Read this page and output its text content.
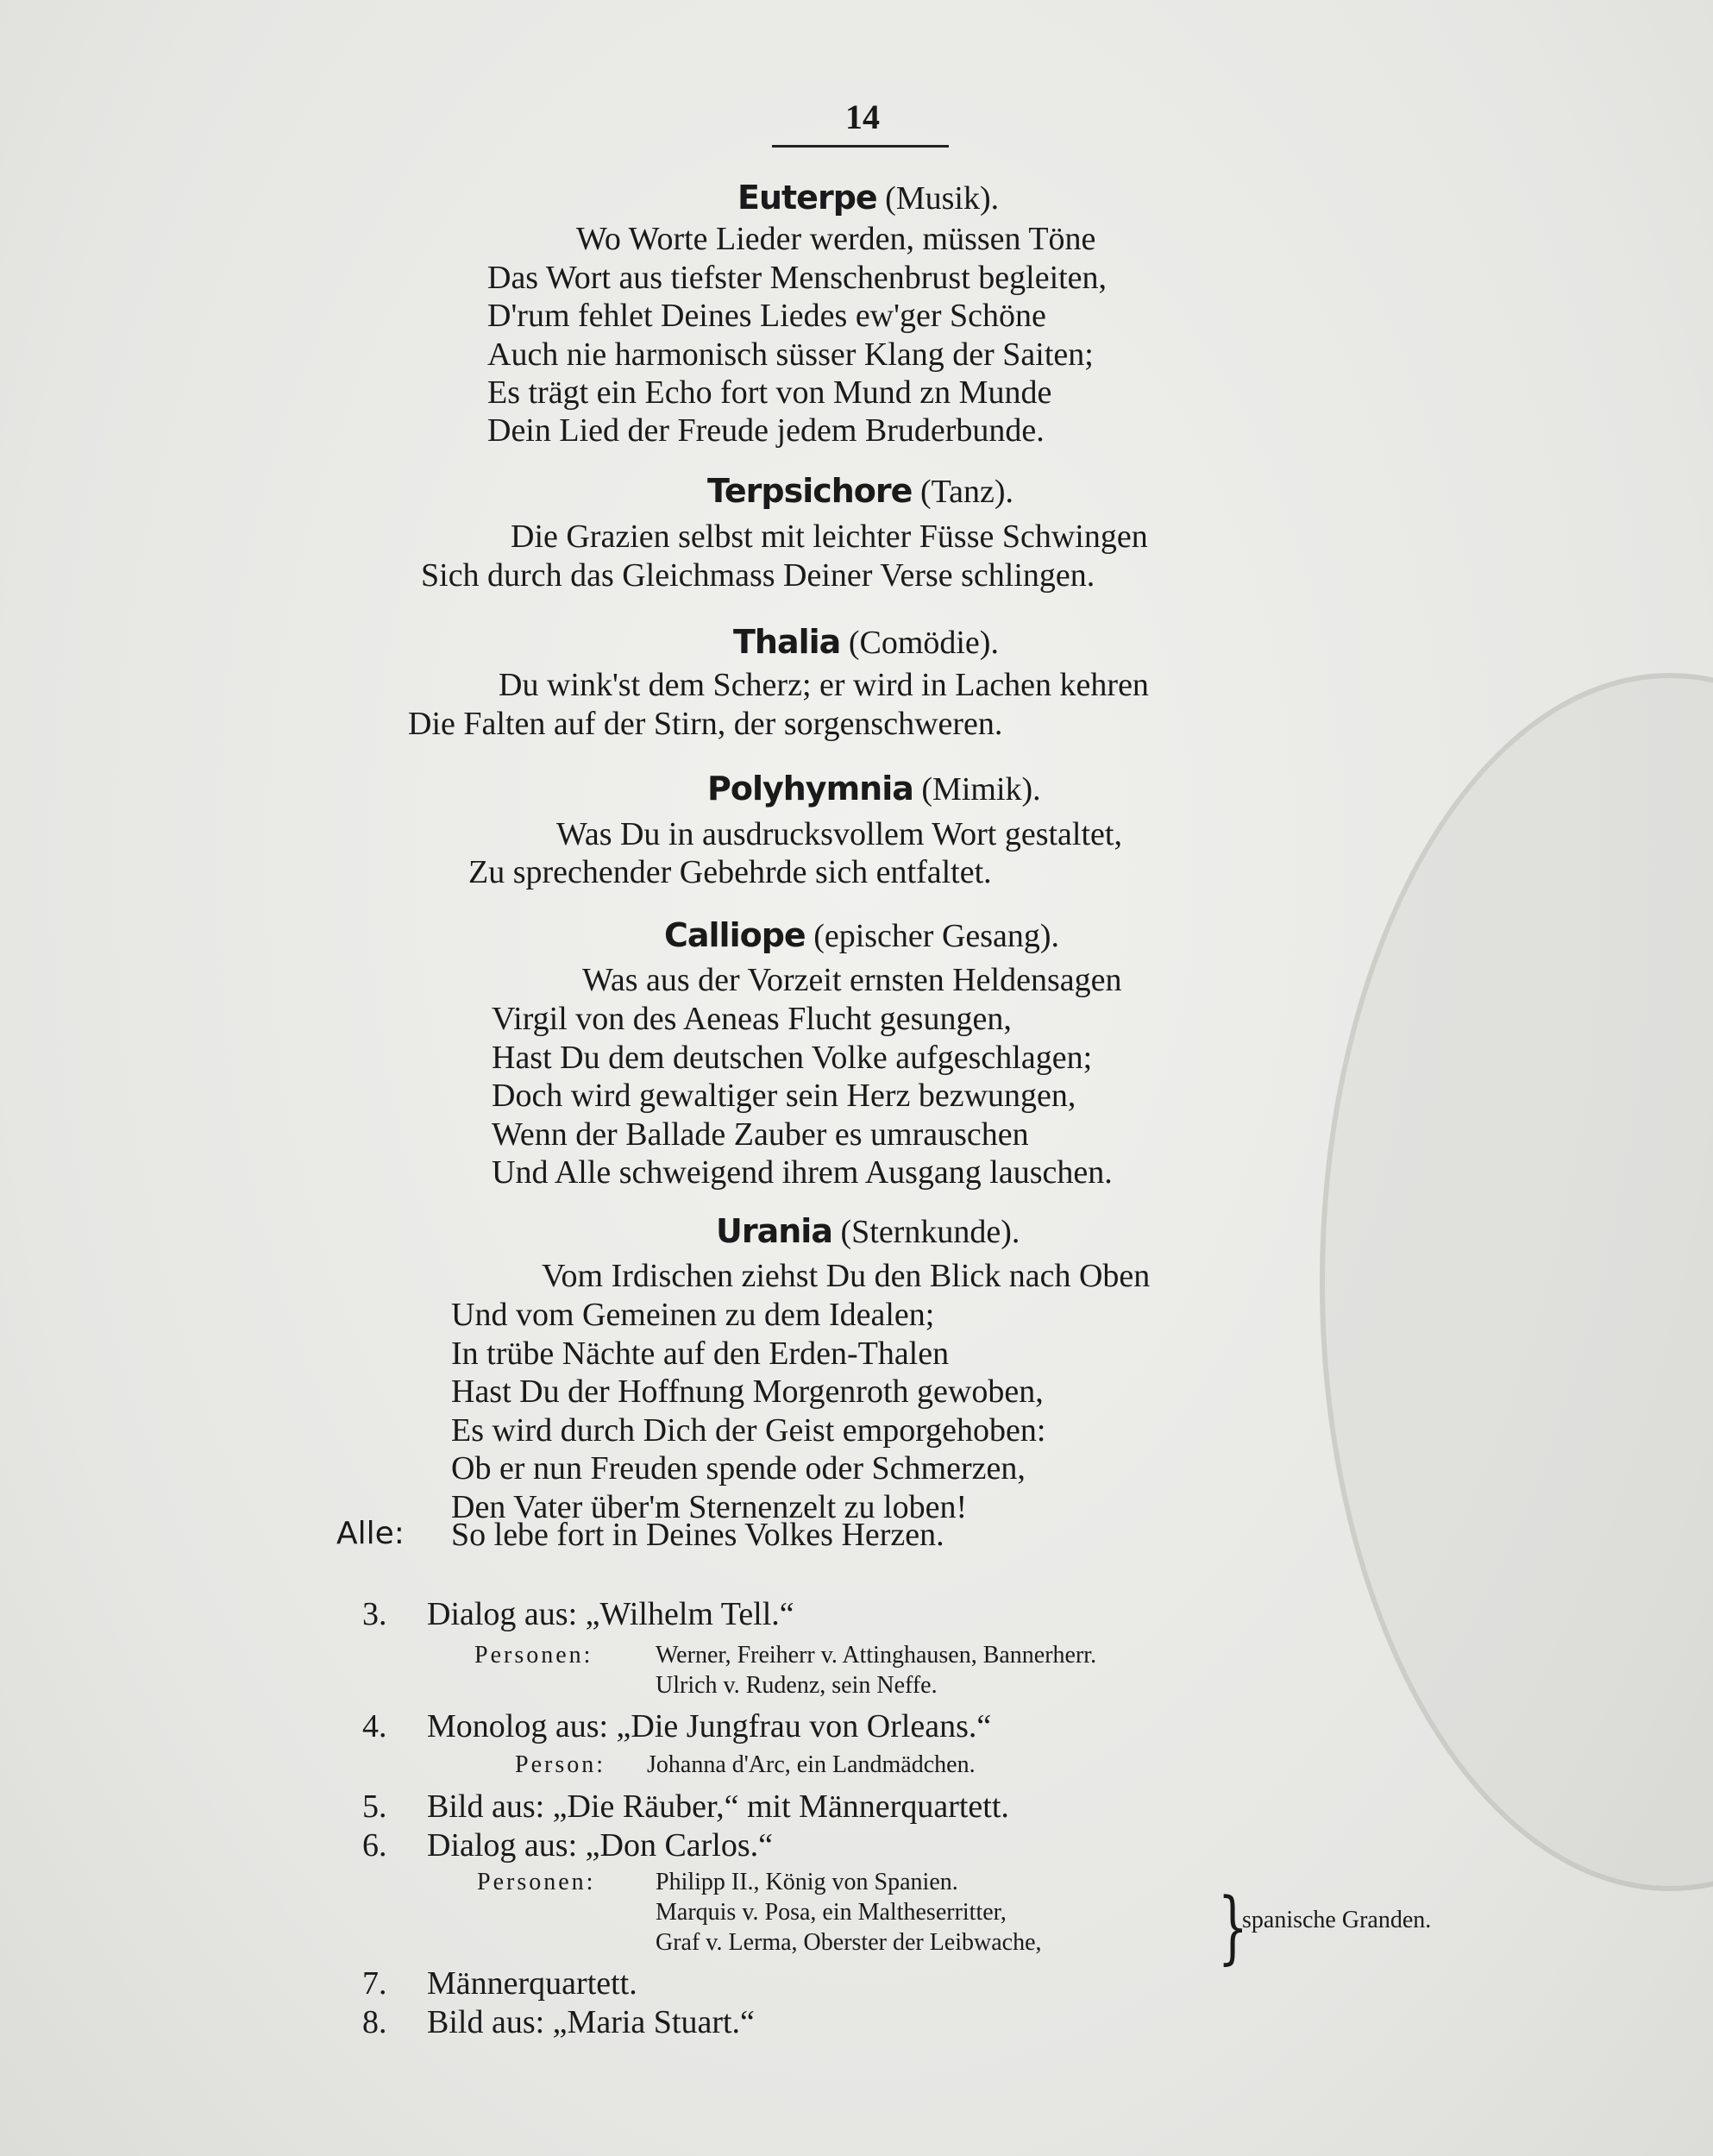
14
Euterpe (Musik).
Wo Worte Lieder werden, müssen Töne
Das Wort aus tiefster Menschenbrust begleiten,
D'rum fehlet Deines Liedes ew'ger Schöne
Auch nie harmonisch süsser Klang der Saiten;
Es trägt ein Echo fort von Mund zn Munde
Dein Lied der Freude jedem Bruderbunde.
Terpsichore (Tanz).
Die Grazien selbst mit leichter Füsse Schwingen
Sich durch das Gleichmass Deiner Verse schlingen.
Thalia (Comödie).
Du wink'st dem Scherz; er wird in Lachen kehren
Die Falten auf der Stirn, der sorgenschweren.
Polyhymnia (Mimik).
Was Du in ausdrucksvollem Wort gestaltet,
Zu sprechender Gebehrde sich entfaltet.
Calliope (epischer Gesang).
Was aus der Vorzeit ernsten Heldensagen
Virgil von des Aeneas Flucht gesungen,
Hast Du dem deutschen Volke aufgeschlagen;
Doch wird gewaltiger sein Herz bezwungen,
Wenn der Ballade Zauber es umrauschen
Und Alle schweigend ihrem Ausgang lauschen.
Urania (Sternkunde).
Vom Irdischen ziehst Du den Blick nach Oben
Und vom Gemeinen zu dem Idealen;
In trübe Nächte auf den Erden-Thalen
Hast Du der Hoffnung Morgenroth gewoben,
Es wird durch Dich der Geist emporgehoben:
Ob er nun Freuden spende oder Schmerzen,
Den Vater über'm Sternenzelt zu loben!
Alle: So lebe fort in Deines Volkes Herzen.
3. Dialog aus: „Wilhelm Tell.“
Personen:	Werner, Freiherr v. Attinghausen, Bannerherr.
Ulrich v. Rudenz, sein Neffe.
4. Monolog aus: „Die Jungfrau von Orleans.“
Person: Johanna d'Arc, ein Landmädchen.
5. Bild aus: „Die Räuber,“ mit Männerquartett.
6. Dialog aus: „Don Carlos.“
Personen: Philipp II., König von Spanien.
Marquis v. Posa, ein Maltheserritter,
Graf v. Lerma, Oberster der Leibwache, }
spanische Granden.
7. Männerquartett.
8. Bild aus: „Maria Stuart.“
